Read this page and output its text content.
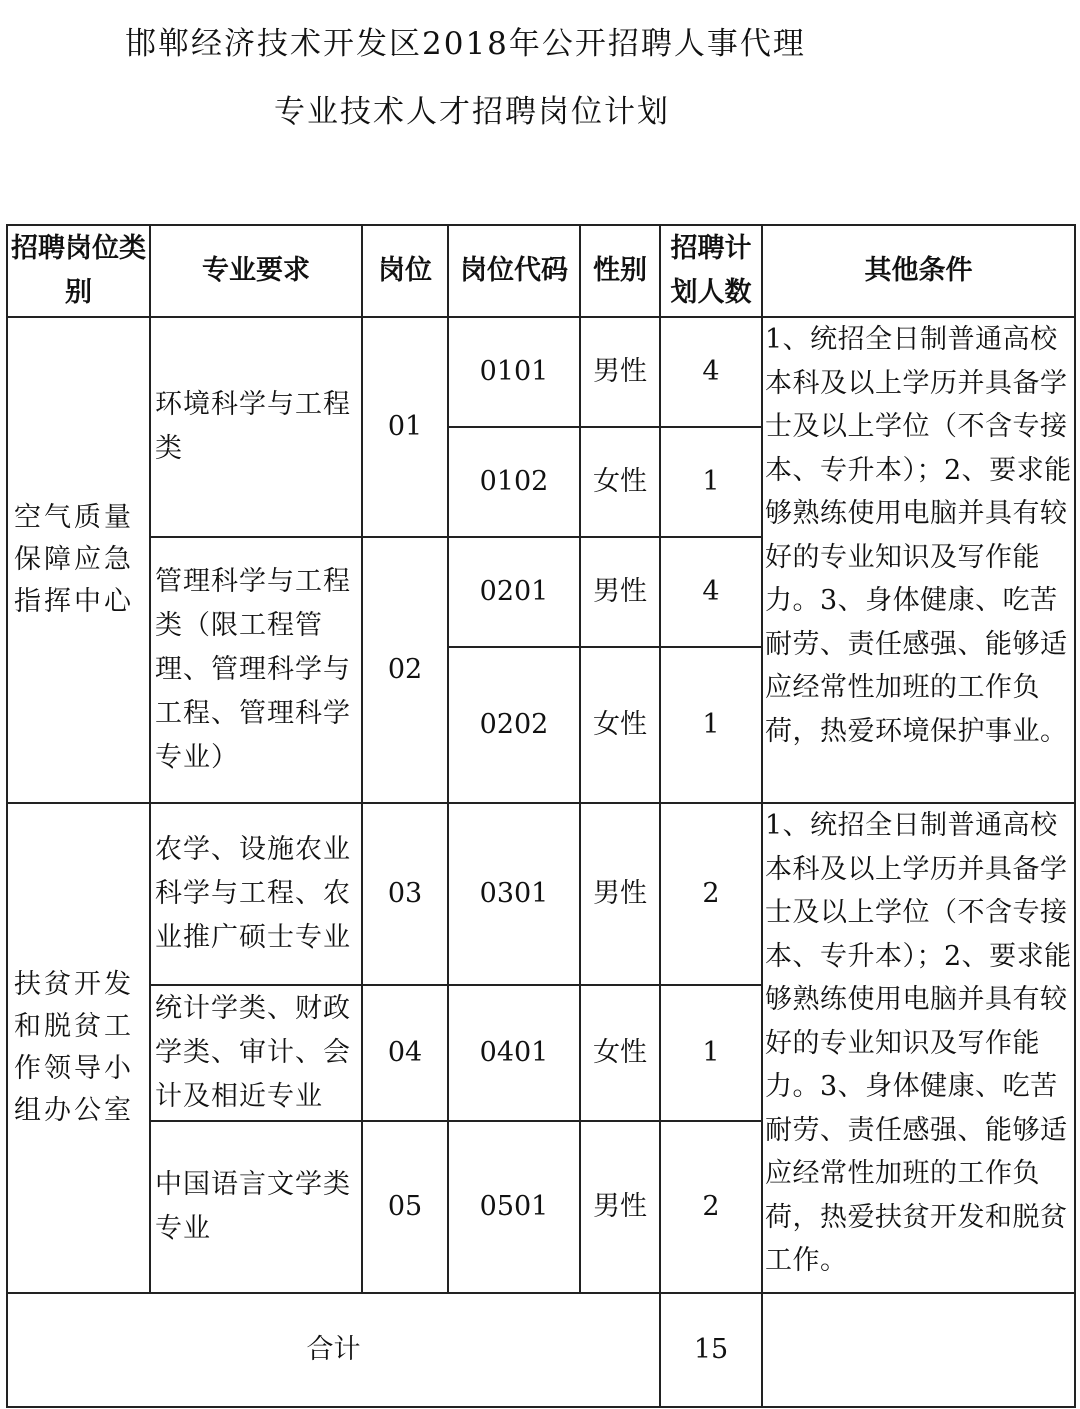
邯郸经济技术开发区2018年公开招聘人事代理
专业技术人才招聘岗位计划
招聘岗位类别	专业要求	岗位	岗位代码	性别	招聘计划人数	其他条件
空气质量保障应急指挥中心	环境科学与工程类	01	0101	男性	4	1、统招全日制普通高校本科及以上学历并具备学士及以上学位（不含专接本、专升本）；2、要求能够熟练使用电脑并具有较好的专业知识及写作能力。3、身体健康、吃苦耐劳、责任感强、能够适应经常性加班的工作负荷，热爱环境保护事业。
			0102	女性	1	
	管理科学与工程类（限工程管理、管理科学与工程、管理科学专业）	02	0201	男性	4	
			0202	女性	1	
扶贫开发和脱贫工作领导小组办公室	农学、设施农业科学与工程、农业推广硕士专业	03	0301	男性	2	1、统招全日制普通高校本科及以上学历并具备学士及以上学位（不含专接本、专升本）；2、要求能够熟练使用电脑并具有较好的专业知识及写作能力。3、身体健康、吃苦耐劳、责任感强、能够适应经常性加班的工作负荷，热爱扶贫开发和脱贫工作。
	统计学类、财政学类、审计、会计及相近专业	04	0401	女性	1	
	中国语言文学类专业	05	0501	男性	2	
合计					15	
